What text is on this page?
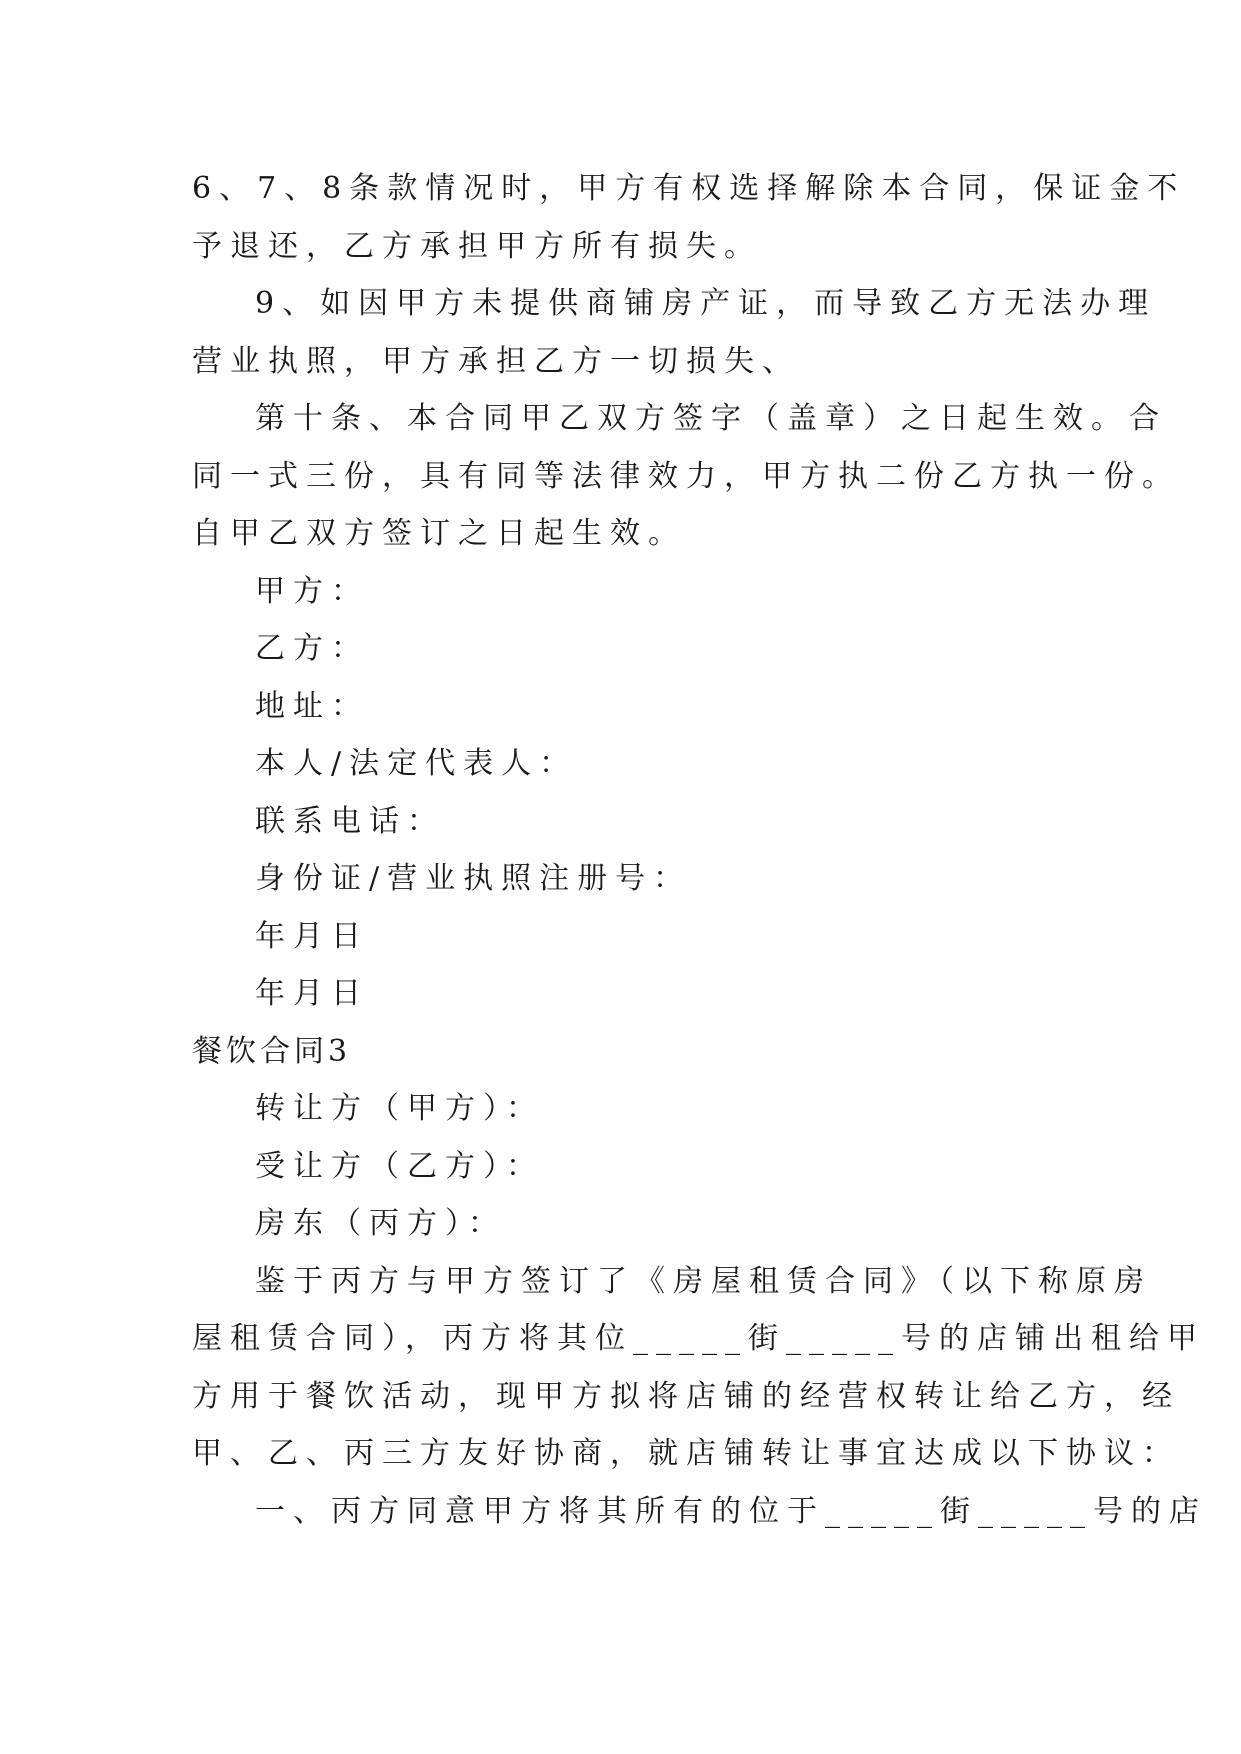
6、7、8条款情况时，甲方有权选择解除本合同，保证金不
予退还，乙方承担甲方所有损失。
9、如因甲方未提供商铺房产证，而导致乙方无法办理
营业执照，甲方承担乙方一切损失、
第十条、本合同甲乙双方签字（盖章）之日起生效。合
同一式三份，具有同等法律效力，甲方执二份乙方执一份。
自甲乙双方签订之日起生效。
甲方：
乙方：
地址：
本人/法定代表人：
联系电话：
身份证/营业执照注册号：
年月日
年月日
餐饮合同3
转让方（甲方）：
受让方（乙方）：
房东（丙方）：
鉴于丙方与甲方签订了《房屋租赁合同》（以下称原房
屋租赁合同），丙方将其位_____街_____号的店铺出租给甲
方用于餐饮活动，现甲方拟将店铺的经营权转让给乙方，经
甲、乙、丙三方友好协商，就店铺转让事宜达成以下协议：
一、丙方同意甲方将其所有的位于_____街_____号的店
